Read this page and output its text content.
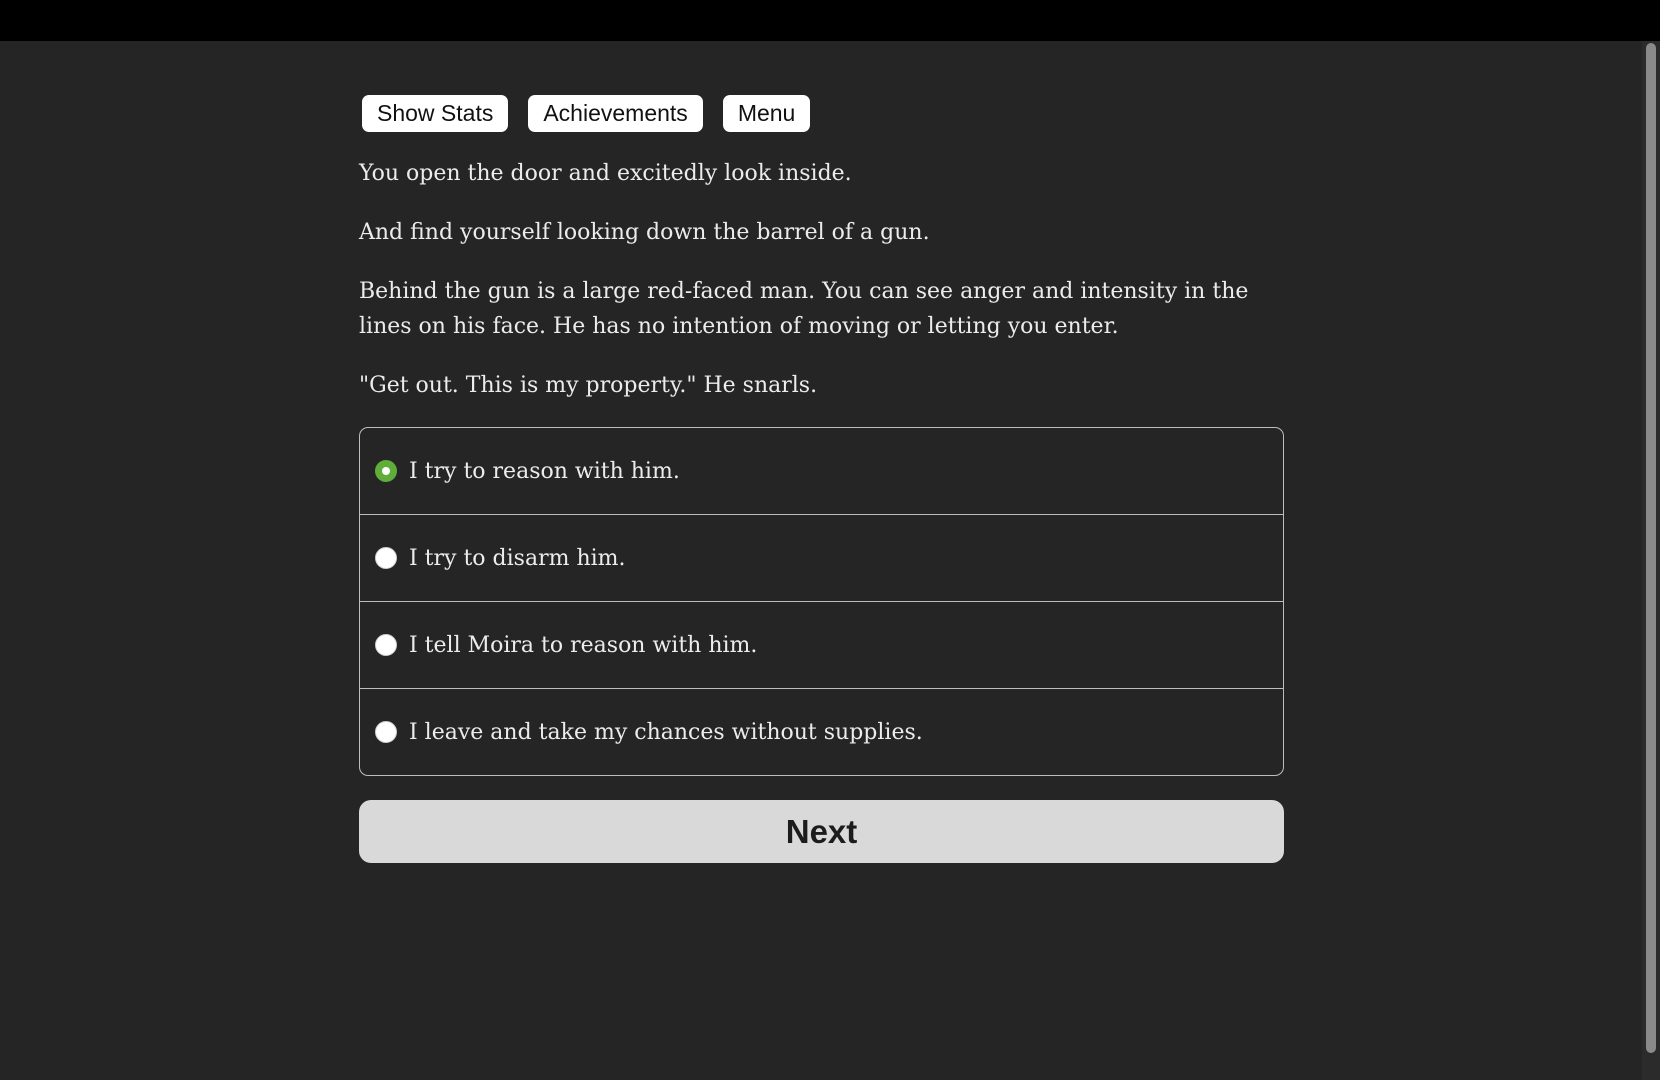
Show Stats	Achievements	Menu

You open the door and excitedly look inside.

And find yourself looking down the barrel of a gun.

Behind the gun is a large red-faced man. You can see anger and intensity in the lines on his face. He has no intention of moving or letting you enter.

"Get out. This is my property." He snarls.

I try to reason with him.
I try to disarm him.
I tell Moira to reason with him.
I leave and take my chances without supplies.
Next
